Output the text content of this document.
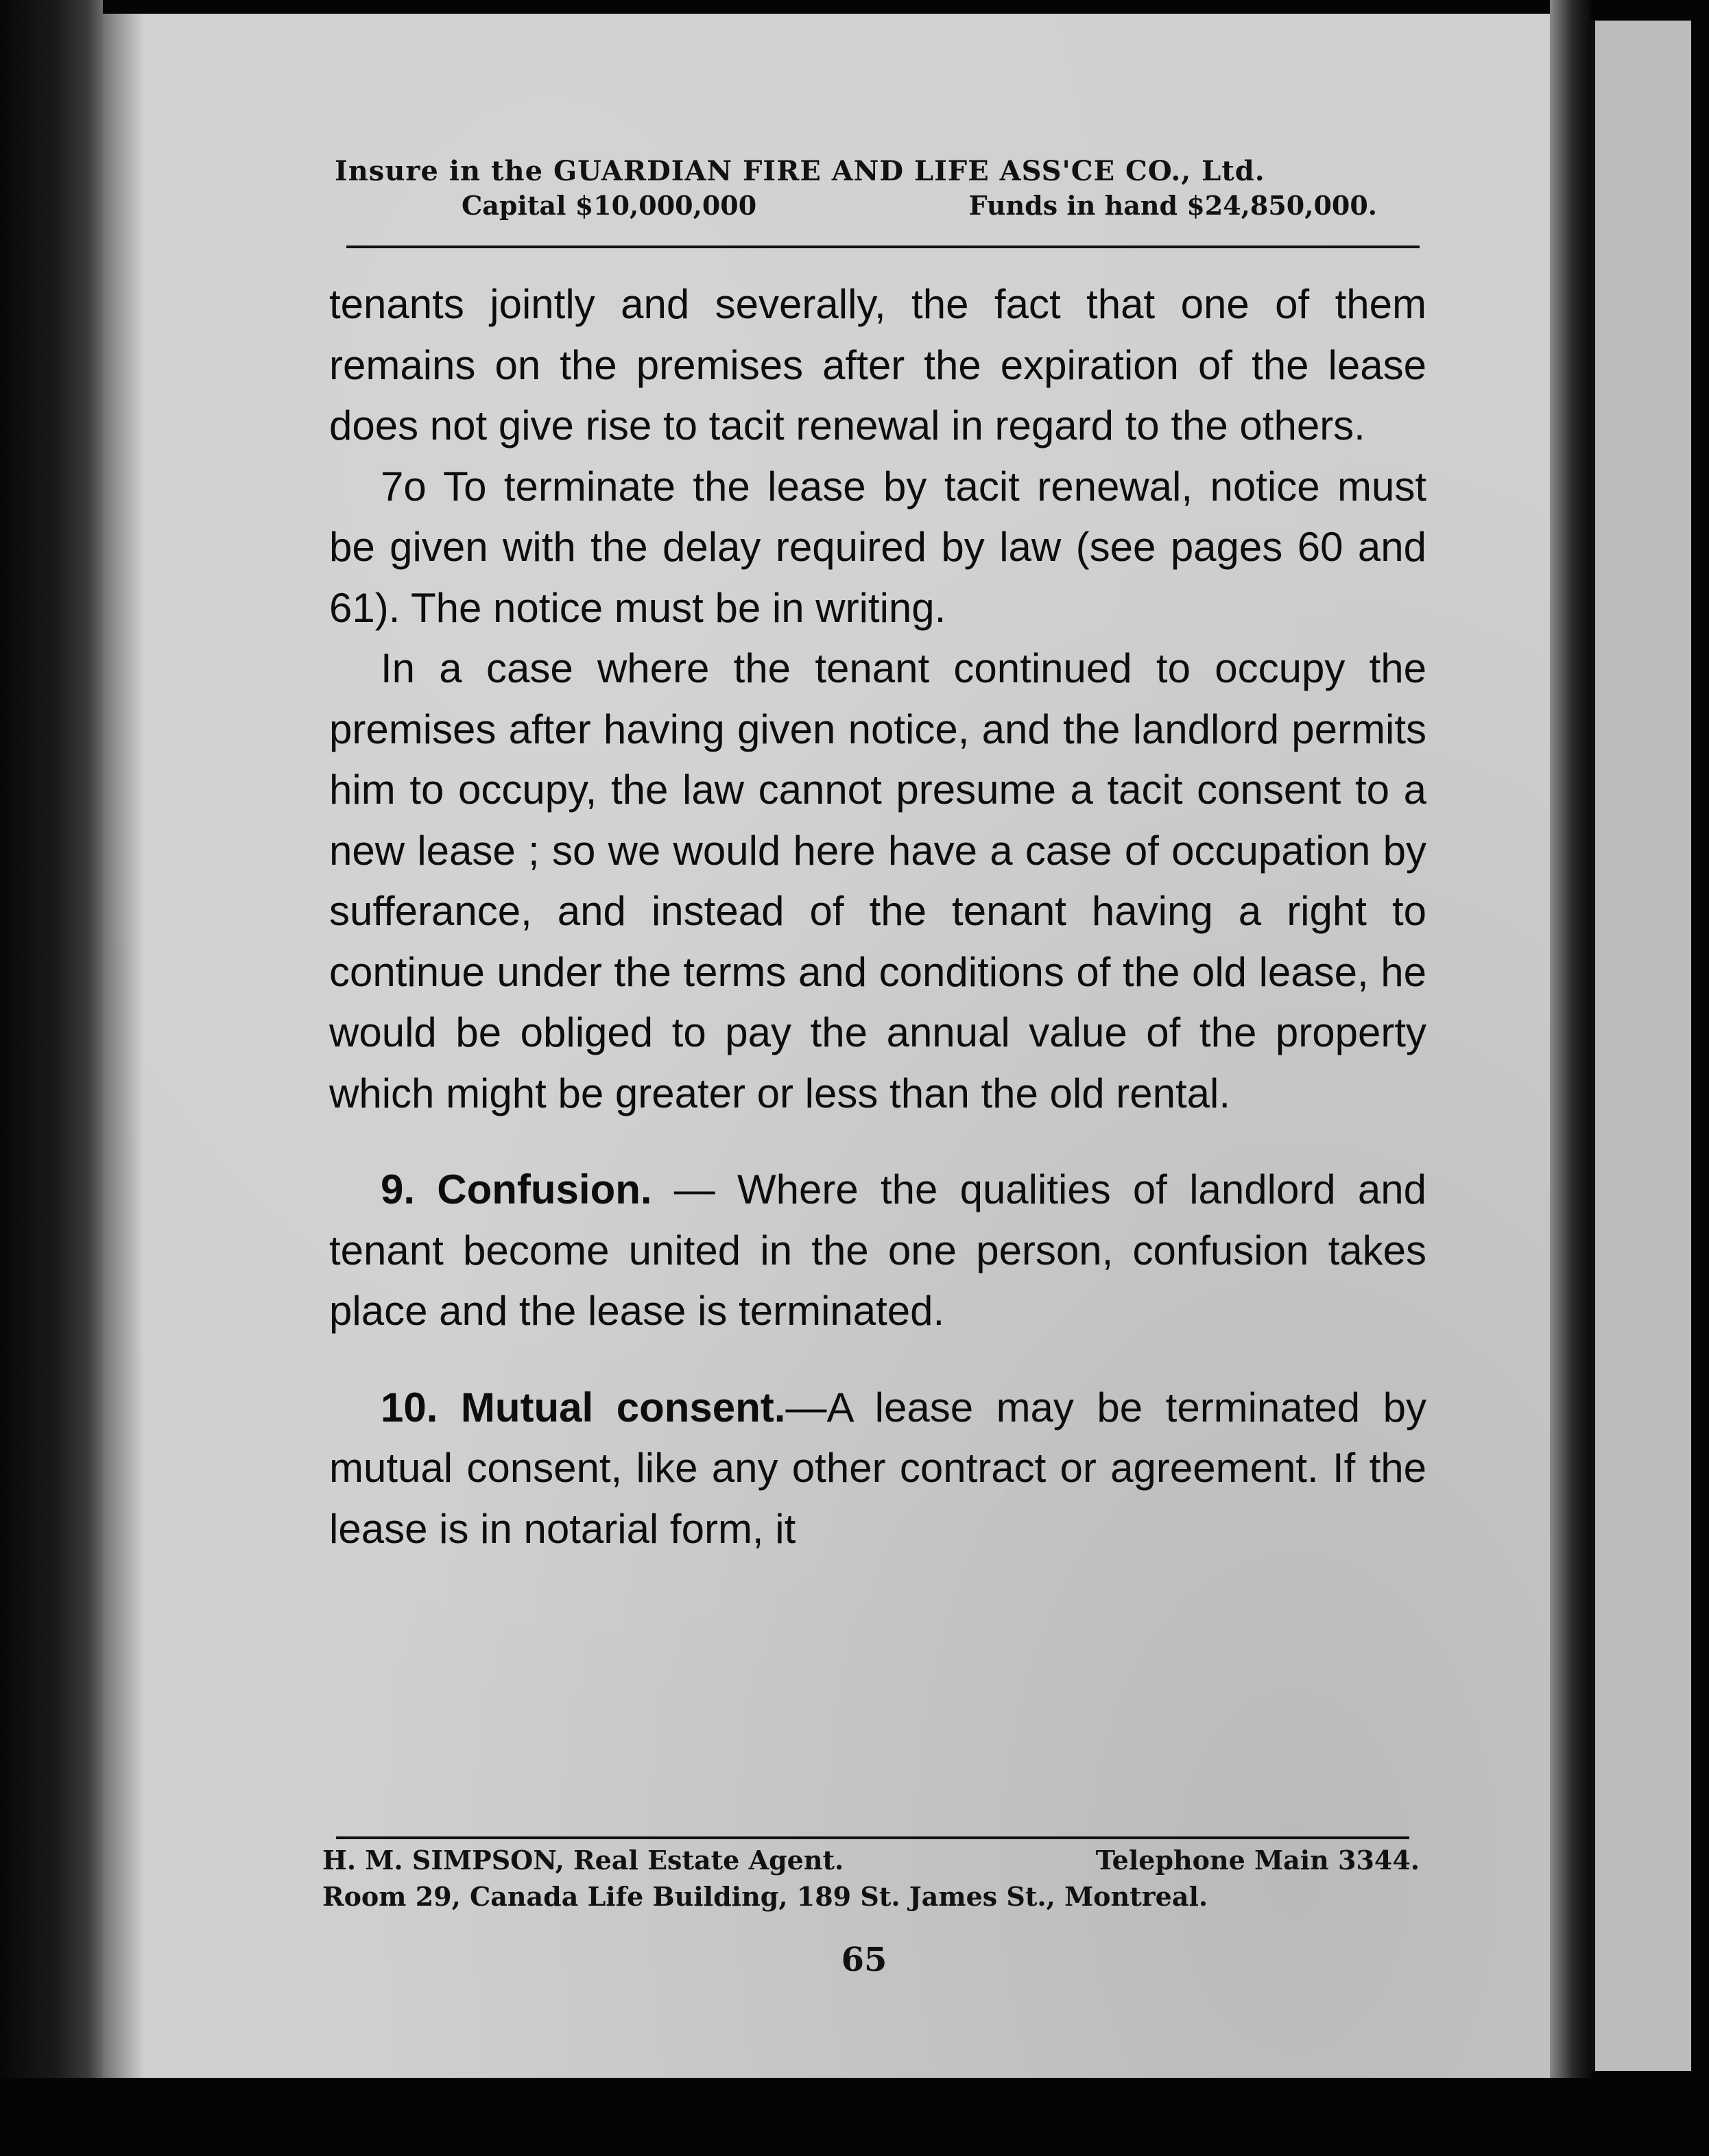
Insure in the GUARDIAN FIRE AND LIFE ASS'CE CO., Ltd.
Capital $10,000,000	Funds in hand $24,850,000.

tenants jointly and severally, the fact that one of them remains on the premises after the expiration of the lease does not give rise to tacit renewal in regard to the others.

7o To terminate the lease by tacit renewal, notice must be given with the delay required by law (see pages 60 and 61). The notice must be in writing.

In a case where the tenant continued to occupy the premises after having given notice, and the landlord permits him to occupy, the law cannot presume a tacit consent to a new lease ; so we would here have a case of occupation by sufferance, and instead of the tenant having a right to continue under the terms and conditions of the old lease, he would be obliged to pay the annual value of the property which might be greater or less than the old rental.

9. Confusion. — Where the qualities of landlord and tenant become united in the one person, confusion takes place and the lease is terminated.

10. Mutual consent.—A lease may be terminated by mutual consent, like any other contract or agreement. If the lease is in notarial form, it

H. M. SIMPSON, Real Estate Agent.	Telephone Main 3344.
Room 29, Canada Life Building, 189 St. James St., Montreal.
65
